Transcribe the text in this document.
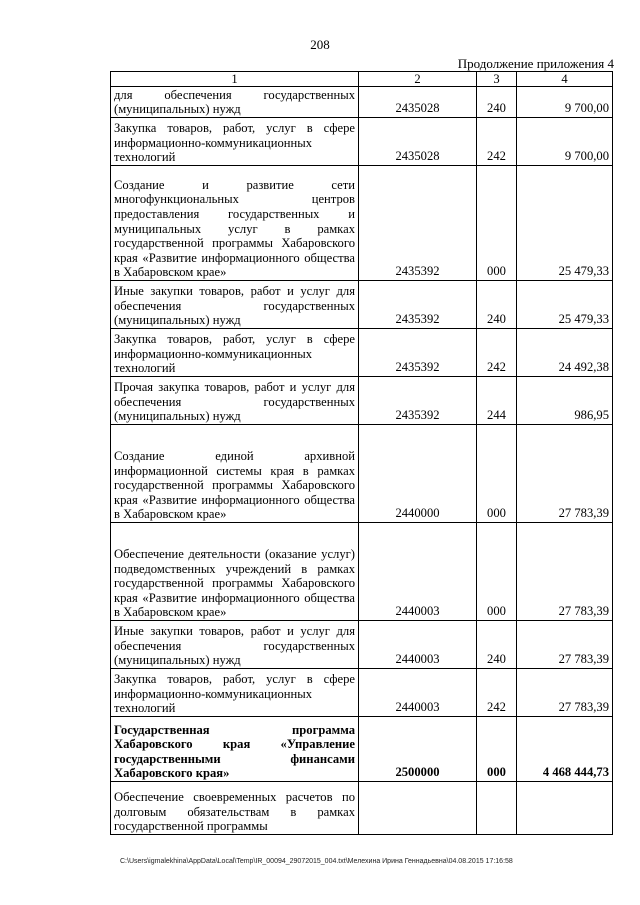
208
Продолжение приложения 4
1	2	3	4
для обеспечения государственных (муниципальных) нужд	2435028	240	9 700,00
Закупка товаров, работ, услуг в сфере информационно-коммуникационных технологий	2435028	242	9 700,00
Создание и развитие сети многофункциональных центров предоставления государственных и муниципальных услуг в рамках государственной программы Хабаровского края «Развитие информационного общества в Хабаровском крае»	2435392	000	25 479,33
Иные закупки товаров, работ и услуг для обеспечения государственных (муниципальных) нужд	2435392	240	25 479,33
Закупка товаров, работ, услуг в сфере информационно-коммуникационных технологий	2435392	242	24 492,38
Прочая закупка товаров, работ и услуг для обеспечения государственных (муниципальных) нужд	2435392	244	986,95
Создание единой архивной информационной системы края в рамках государственной программы Хабаровского края «Развитие информационного общества в Хабаровском крае»	2440000	000	27 783,39
Обеспечение деятельности (оказание услуг) подведомственных учреждений в рамках государственной программы Хабаровского края «Развитие информационного общества в Хабаровском крае»	2440003	000	27 783,39
Иные закупки товаров, работ и услуг для обеспечения государственных (муниципальных) нужд	2440003	240	27 783,39
Закупка товаров, работ, услуг в сфере информационно-коммуникационных технологий	2440003	242	27 783,39
Государственная программа Хабаровского края «Управление государственными финансами Хабаровского края»	2500000	000	4 468 444,73
Обеспечение своевременных расчетов по долговым обязательствам в рамках государственной программы			
C:\Users\igmalekhina\AppData\Local\Temp\IR_00094_29072015_004.txt\Мелехина Ирина Геннадьевна\04.08.2015 17:16:58
